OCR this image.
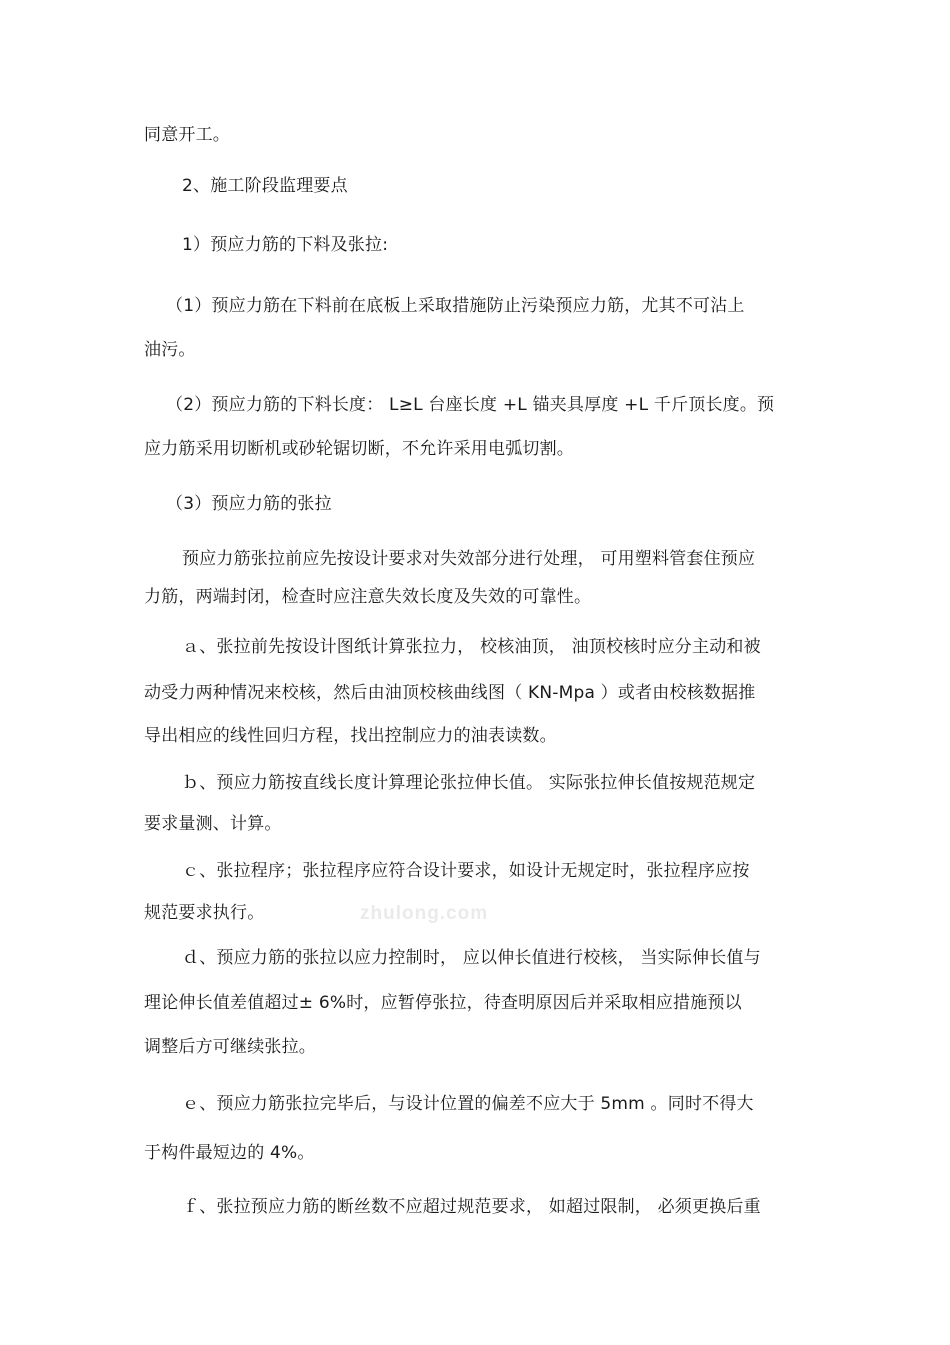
同意开工。
2、施工阶段监理要点
1）预应力筋的下料及张拉:
（1）预应力筋在下料前在底板上采取措施防止污染预应力筋，尤其不可沾上
油污。
（2）预应力筋的下料长度： L≥L 台座长度 +L 锚夹具厚度 +L 千斤顶长度。预
应力筋采用切断机或砂轮锯切断，不允许采用电弧切割。
（3）预应力筋的张拉
预应力筋张拉前应先按设计要求对失效部分进行处理， 可用塑料管套住预应
力筋，两端封闭，检查时应注意失效长度及失效的可靠性。
ａ、张拉前先按设计图纸计算张拉力， 校核油顶， 油顶校核时应分主动和被
动受力两种情况来校核，然后由油顶校核曲线图（ KN-Mpa ）或者由校核数据推
导出相应的线性回归方程，找出控制应力的油表读数。
ｂ、预应力筋按直线长度计算理论张拉伸长值。 实际张拉伸长值按规范规定
要求量测、计算。
ｃ、张拉程序；张拉程序应符合设计要求，如设计无规定时，张拉程序应按
规范要求执行。
ｄ、预应力筋的张拉以应力控制时， 应以伸长值进行校核， 当实际伸长值与
理论伸长值差值超过± 6%时，应暂停张拉，待查明原因后并采取相应措施预以
调整后方可继续张拉。
ｅ、预应力筋张拉完毕后，与设计位置的偏差不应大于 5mm 。同时不得大
于构件最短边的 4%。
ｆ、张拉预应力筋的断丝数不应超过规范要求， 如超过限制， 必须更换后重
zhulong.com
